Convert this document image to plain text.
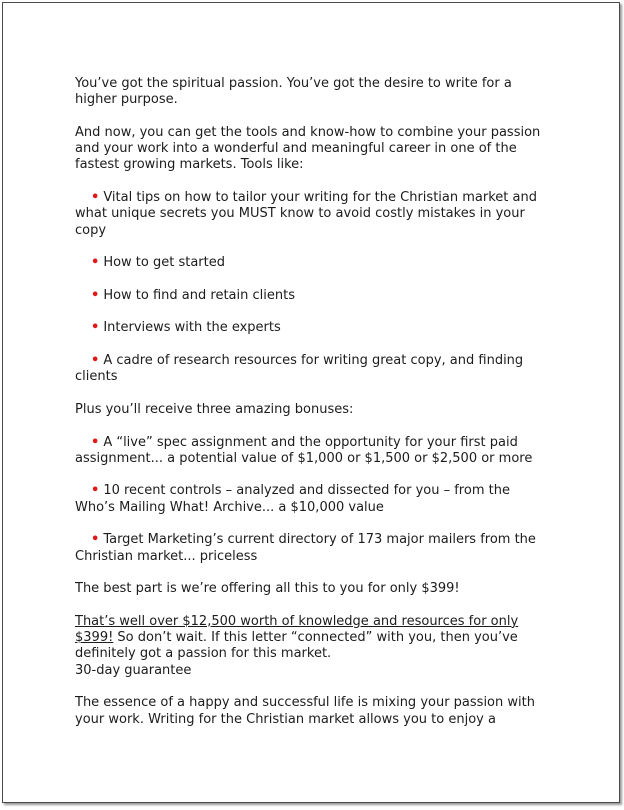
You’ve got the spiritual passion. You’ve got the desire to write for a higher purpose.

And now, you can get the tools and know-how to combine your passion and your work into a wonderful and meaningful career in one of the fastest growing markets. Tools like:

• Vital tips on how to tailor your writing for the Christian market and what unique secrets you MUST know to avoid costly mistakes in your copy

• How to get started

• How to find and retain clients

• Interviews with the experts

• A cadre of research resources for writing great copy, and finding clients

Plus you’ll receive three amazing bonuses:

• A “live” spec assignment and the opportunity for your first paid assignment... a potential value of $1,000 or $1,500 or $2,500 or more

• 10 recent controls – analyzed and dissected for you – from the Who’s Mailing What! Archive... a $10,000 value

• Target Marketing’s current directory of 173 major mailers from the Christian market... priceless

The best part is we’re offering all this to you for only $399!

That’s well over $12,500 worth of knowledge and resources for only $399! So don’t wait. If this letter “connected” with you, then you’ve definitely got a passion for this market.

30-day guarantee

The essence of a happy and successful life is mixing your passion with your work. Writing for the Christian market allows you to enjoy a
